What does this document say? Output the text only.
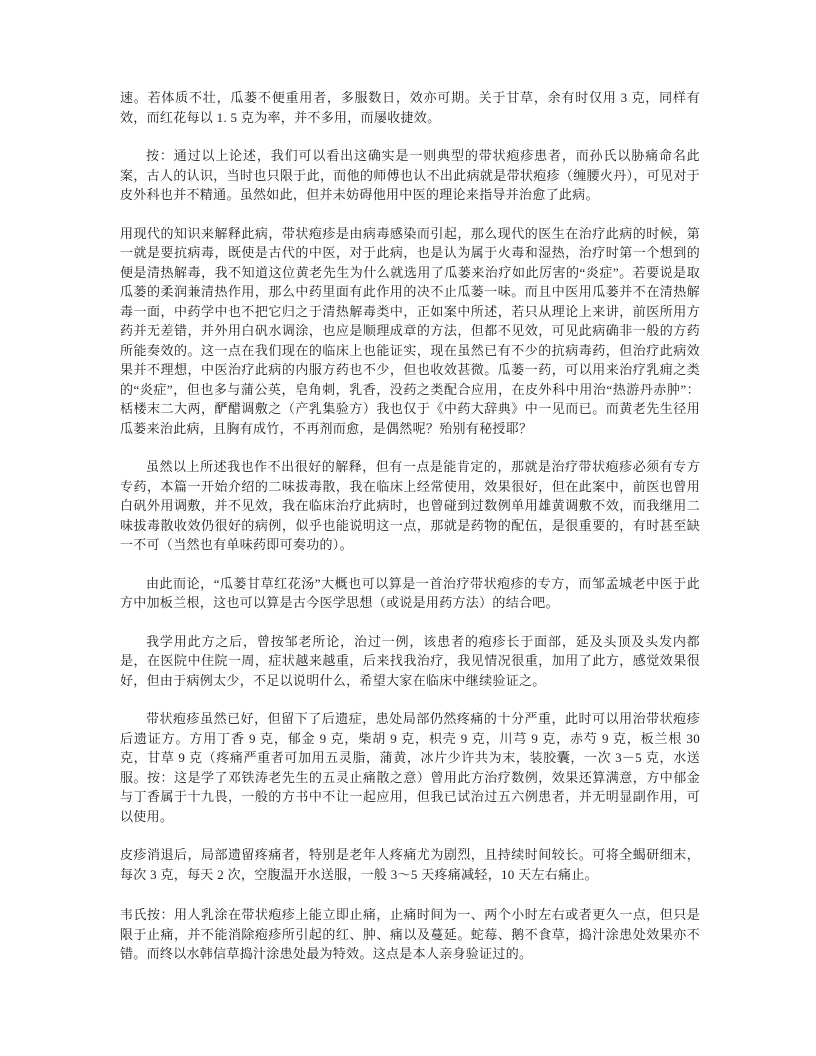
速。若体质不壮，瓜蒌不便重用者，多服数日，效亦可期。关于甘草，余有时仅用 3 克，同样有效，而红花每以 1. 5 克为率，并不多用，而屡收捷效。

按：通过以上论述，我们可以看出这确实是一则典型的带状疱疹患者，而孙氏以胁痛命名此案，古人的认识，当时也只限于此，而他的师傅也认不出此病就是带状疱疹（缠腰火丹），可见对于皮外科也并不精通。虽然如此，但并未妨碍他用中医的理论来指导并治愈了此病。

用现代的知识来解释此病，带状疱疹是由病毒感染而引起，那么现代的医生在治疗此病的时候，第一就是要抗病毒，既使是古代的中医，对于此病，也是认为属于火毒和湿热，治疗时第一个想到的便是清热解毒，我不知道这位黄老先生为什么就选用了瓜蒌来治疗如此厉害的“炎症”。若要说是取瓜蒌的柔润兼清热作用，那么中药里面有此作用的决不止瓜蒌一味。而且中医用瓜蒌并不在清热解毒一面，中药学中也不把它归之于清热解毒类中，正如案中所述，若只从理论上来讲，前医所用方药并无差错，并外用白矾水调涂，也应是顺理成章的方法，但都不见效，可见此病确非一般的方药所能奏效的。这一点在我们现在的临床上也能证实，现在虽然已有不少的抗病毒药，但治疗此病效果并不理想，中医治疗此病的内服方药也不少，但也收效甚微。瓜蒌一药，可以用来治疗乳痈之类的“炎症”，但也多与蒲公英，皂角刺，乳香，没药之类配合应用，在皮外科中用治“热游丹赤肿”：栝楼末二大两，酽醋调敷之（产乳集验方）我也仅于《中药大辞典》中一见而已。而黄老先生径用瓜蒌来治此病，且胸有成竹，不再剂而愈，是偶然呢？殆别有秘授耶？

虽然以上所述我也作不出很好的解释，但有一点是能肯定的，那就是治疗带状疱疹必须有专方专药，本篇一开始介绍的二味拔毒散，我在临床上经常使用，效果很好，但在此案中，前医也曾用白矾外用调敷，并不见效，我在临床治疗此病时，也曾碰到过数例单用雄黄调敷不效，而我继用二味拔毒散收效仍很好的病例，似乎也能说明这一点，那就是药物的配伍，是很重要的，有时甚至缺一不可（当然也有单味药即可奏功的）。

由此而论，“瓜蒌甘草红花汤”大概也可以算是一首治疗带状疱疹的专方，而邹孟城老中医于此方中加板兰根，这也可以算是古今医学思想（或说是用药方法）的结合吧。

我学用此方之后，曾按邹老所论，治过一例，该患者的疱疹长于面部，延及头顶及头发内都是，在医院中住院一周，症状越来越重，后来找我治疗，我见情况很重，加用了此方，感觉效果很好，但由于病例太少，不足以说明什么，希望大家在临床中继续验证之。

带状疱疹虽然已好，但留下了后遗症，患处局部仍然疼痛的十分严重，此时可以用治带状疱疹后遗证方。方用丁香 9 克，郁金 9 克，柴胡 9 克，枳壳 9 克，川芎 9 克，赤芍 9 克，板兰根 30 克，甘草 9 克（疼痛严重者可加用五灵脂，蒲黄，冰片少许共为末，装胶囊，一次 3－5 克，水送服。按：这是学了邓铁涛老先生的五灵止痛散之意）曾用此方治疗数例，效果还算满意，方中郁金与丁香属于十九畏，一般的方书中不让一起应用，但我已试治过五六例患者，并无明显副作用，可以使用。

皮疹消退后，局部遗留疼痛者，特别是老年人疼痛尤为剧烈，且持续时间较长。可将全蝎研细末，每次 3 克，每天 2 次，空腹温开水送服，一般 3～5 天疼痛减轻，10 天左右痛止。

韦氏按：用人乳涂在带状疱疹上能立即止痛，止痛时间为一、两个小时左右或者更久一点，但只是限于止痛，并不能消除疱疹所引起的红、肿、痛以及蔓延。蛇莓、鹅不食草，捣汁涂患处效果亦不错。而终以水韩信草捣汁涂患处最为特效。这点是本人亲身验证过的。
